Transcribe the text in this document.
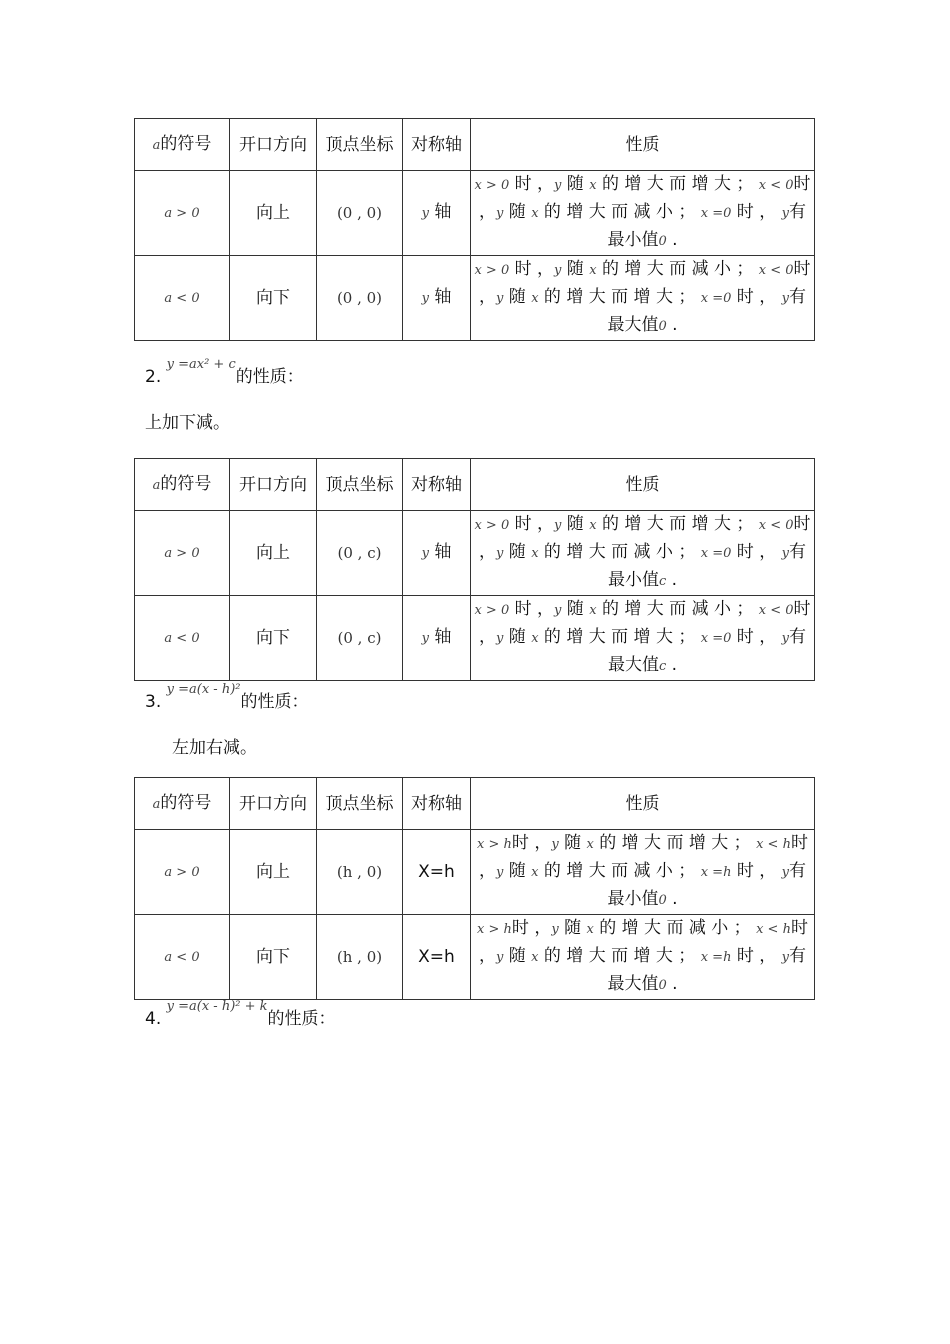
a的符号	开口方向	顶点坐标	对称轴	性质
a > 0	向上	(0 , 0)	y 轴	x > 0 时 ，y 随 x 的 增 大 而 增 大 ； x < 0时 ，y 随 x 的 增 大 而 减 小 ； x =0 时 ， y有最小值0 .
a < 0	向下	(0 , 0)	y 轴	x > 0 时 ，y 随 x 的 增 大 而 减 小 ； x < 0时 ，y 随 x 的 增 大 而 增 大 ； x =0 时 ， y有最大值0 .
2. $^{y =ax^2 + c}$的性质：
上加下减。
a的符号	开口方向	顶点坐标	对称轴	性质
a > 0	向上	(0 , c)	y 轴	x > 0 时 ，y 随 x 的 增 大 而 增 大 ； x < 0时 ，y 随 x 的 增 大 而 减 小 ； x =0 时 ， y有最小值c .
a < 0	向下	(0 , c)	y 轴	x > 0 时 ，y 随 x 的 增 大 而 减 小 ； x < 0时 ，y 随 x 的 增 大 而 增 大 ； x =0 时 ， y有最大值c .
3. $^{y =a(x - h)^2}$的性质：
左加右减。
a的符号	开口方向	顶点坐标	对称轴	性质
a > 0	向上	(h , 0)	X=h	x > h时 ，y 随 x 的 增 大 而 增 大 ； x < h时 ，y 随 x 的 增 大 而 减 小 ； x =h 时 ， y有最小值0 .
a < 0	向下	(h , 0)	X=h	x > h时 ，y 随 x 的 增 大 而 减 小 ； x < h时 ，y 随 x 的 增 大 而 增 大 ； x =h 时 ， y有最大值0 .
4. $^{y =a(x - h)^2 + k}$的性质：
